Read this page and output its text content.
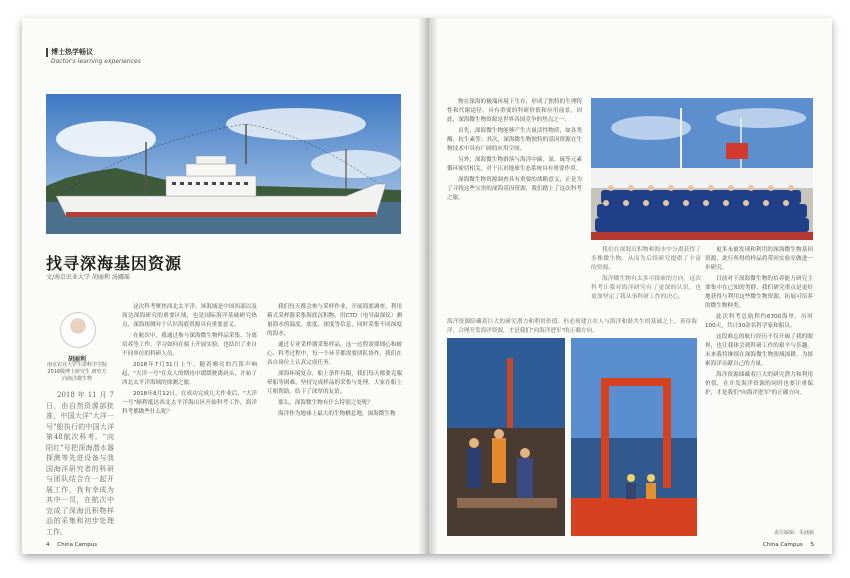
博士热学畅议
Doctor's learning experiences
找寻深海基因资源
文/南京农业大学 胡丽利 汤娜瑶
胡丽利
南京农业大学生命科学学院 2016级博士研究生 研究方向海洋微生物

2018年11月7日，由自然资源部批准，中国大洋"大洋一号"船执行的中国大洋第48航次科考。"向阳红"号把深海潜水器探测等先进设备与我国海洋研究者的科研与团队结合在一起开展工作，我有幸成为其中一员，在航次中完成了深海沉积物样品的采集和初步处理工作。

这次科考聚焦西北太平洋，该海域是中国西部以及周边深海研究的重要区域，也是国际海洋基础研究热点，深海探测对于认识海底资源具有重要意义。

在航次中，我通过参与深海微生物样品采集、分离培养等工作，学习如何在船上开展实验，也结识了来自不同单位的科研人员。

2018年7月31日上午，随着嘹亮的汽笛声响起，"大洋一号"在众人的期待中缓缓驶离码头，开始了西北太平洋海域的探测之旅。

2018年8月12日，在成功完成几大作业后，"大洋一号"顺利抵达西北太平洋海山区开始科考工作，海洋科考都做些什么呢？

我们每天都会参与采样作业，开展海底调查，利用箱式采样器采集海底沉积物，用CTD（电导温深仪）测量海水的温度、盐度、深度等信息，同时采集不同深度的海水。

通过专业采样器采集样品，这一过程需要细心和耐心。科考过程中，每一个环节都需要团队协作，我们在各自岗位上认真完成任务。

深海环境复杂，船上条件有限，我们每天都要克服晕船等困难，坚持完成样品的采集与处理。大家在船上互相帮助，结下了深厚的友谊。

那么，深海微生物有什么特别之处呢？

海洋作为地球上最大的生物栖息地，深海微生物

4 China Campus

物在深海的极端环境下生存，形成了独特的生理特性和代谢途径，具有重要的科研价值和应用前景。因此，深海微生物资源是世界各国竞争的焦点之一。

首先，深海微生物能够产生大量活性物质，如各类酶、抗生素等；其次，深海微生物独特的基因资源在生物技术中具有广阔的应用空间。

另外，深海微生物群落与海洋中碳、氮、硫等元素循环密切相关，对于认识地球生态系统具有重要作用。

深海微生物资源调查具有重要的战略意义，正是为了寻找这些宝贵的深海基因资源，我们踏上了这次科考之旅。

我们在深海沉积物和海水中分离获得了多株微生物，从而为后续研究提供了丰富的资源。

海洋微生物有太多可探索的方向，这次科考让我对海洋研究有了更深的认识，也更加坚定了我从事科研工作的决心。

海洋资源陪藏着巨大的研究潜力和利用价值。但必须建立在人与海洋和谐共生的基础之上。善待海洋，合理开发海洋资源，才是我们"向海洋进军"的正确方向。

更多未被发现和利用的深海微生物基因资源，此行所得的样品将带回实验室做进一步研究。

目前对于深海微生物的培养能力研究主要集中在已知的类群，我们研究重点是更好地获得与利用这些微生物资源，拓展可培养的微生物种类。

此次科考总航程约6700海里，历时100天，共计30余名科学家和船员。

这段难忘的航行经历不仅开阔了我的眼界，也让我体会到科研工作的艰辛与乐趣。未来我将继续在深海微生物领域深耕，为探索海洋贡献自己的力量。

海洋资源储藏着巨大的研究潜力和利用价值，在开发海洋资源的同时也要注重保护，才是我们"向海洋进军"的正确方向。

责任编辑：朱涵颖
China Campus 5
